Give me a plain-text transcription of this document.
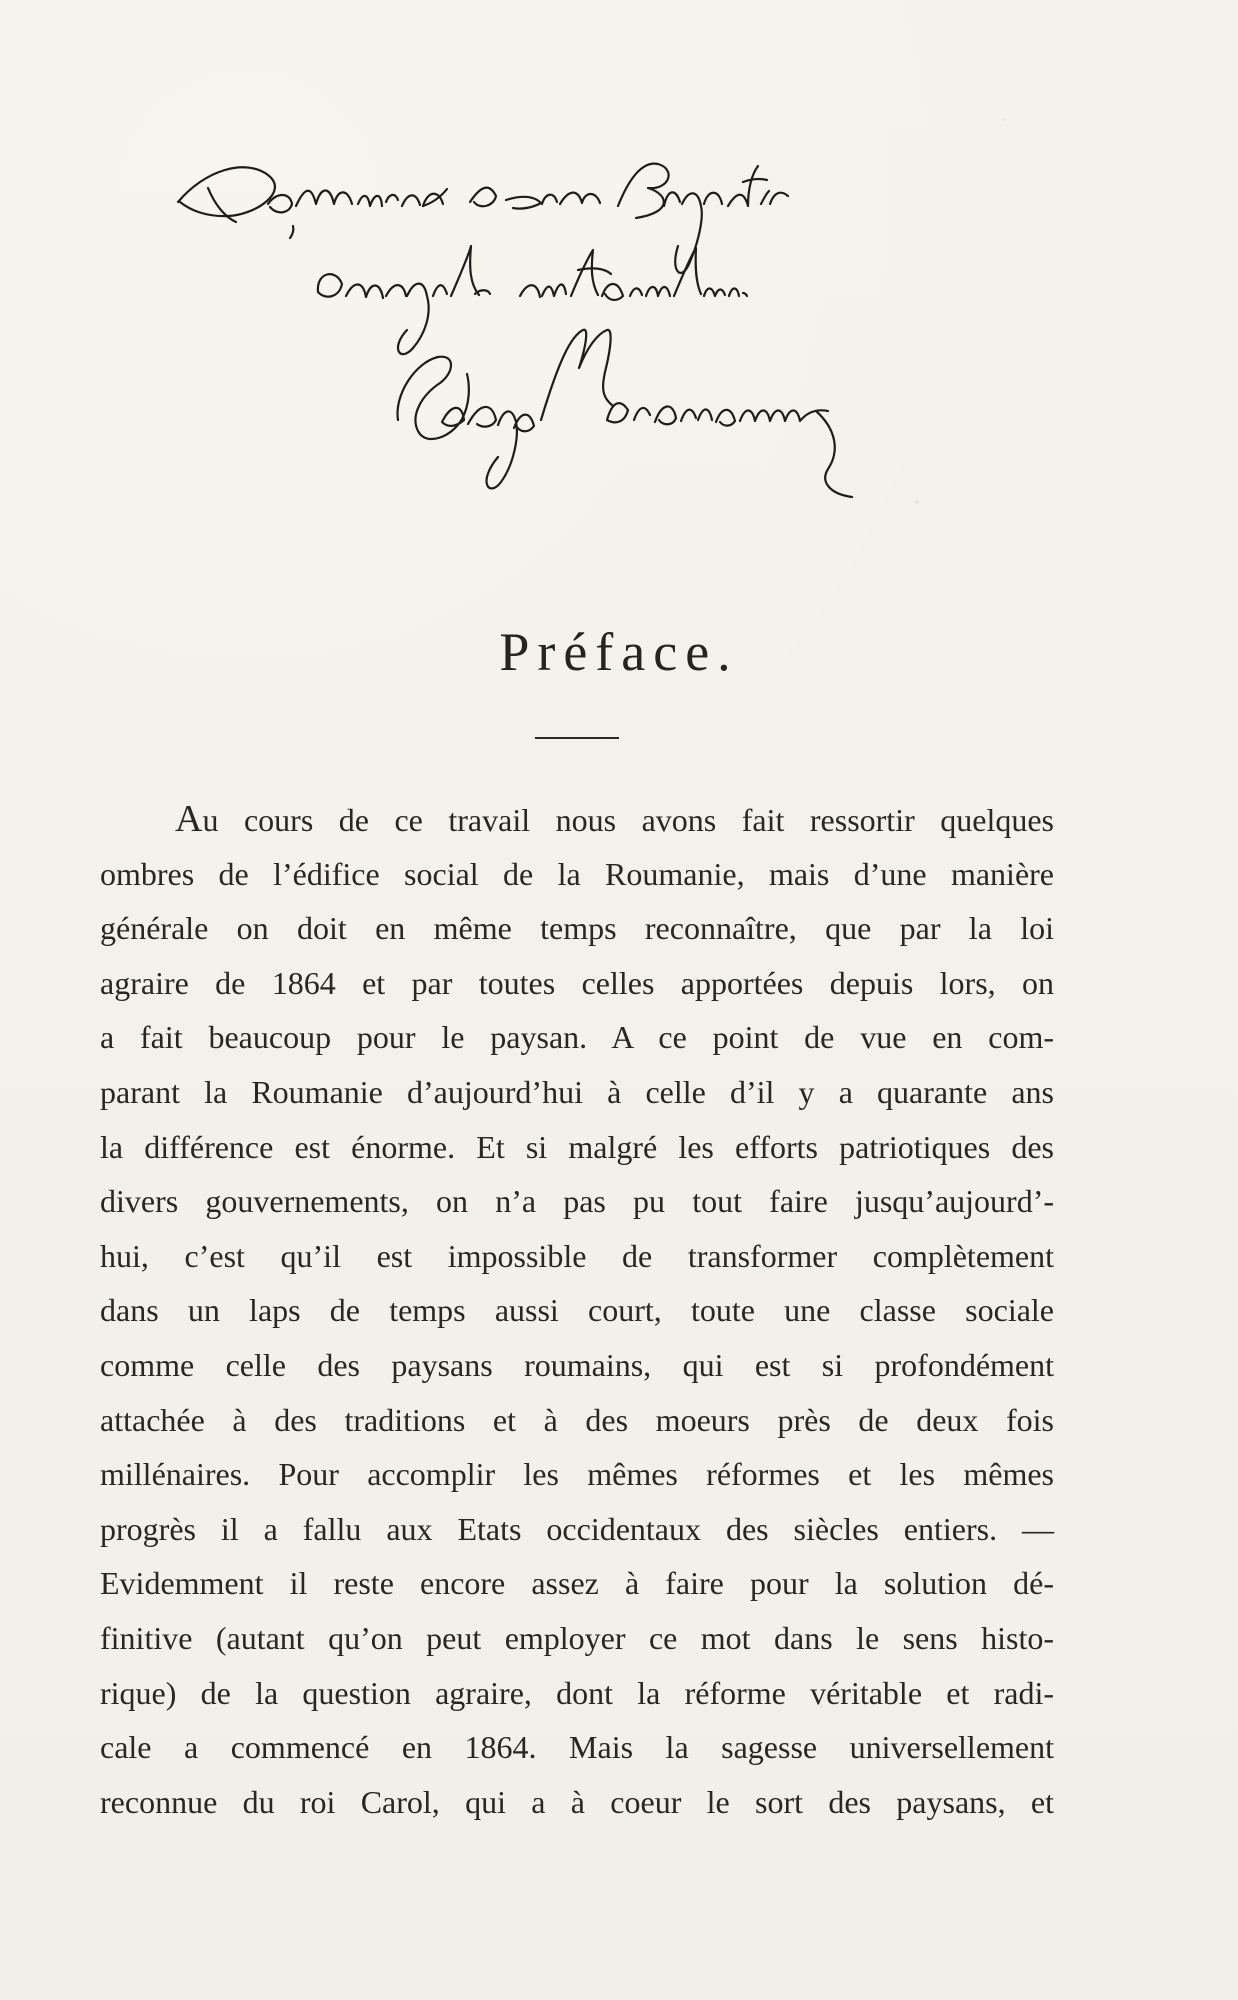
Préface.
Au cours de ce travail nous avons fait ressortir quelques
ombres de l’édifice social de la Roumanie, mais d’une manière
générale on doit en même temps reconnaître, que par la loi
agraire de 1864 et par toutes celles apportées depuis lors, on
a fait beaucoup pour le paysan. A ce point de vue en com-
parant la Roumanie d’aujourd’hui à celle d’il y a quarante ans
la différence est énorme. Et si malgré les efforts patriotiques des
divers gouvernements, on n’a pas pu tout faire jusqu’aujourd’-
hui, c’est qu’il est impossible de transformer complètement
dans un laps de temps aussi court, toute une classe sociale
comme celle des paysans roumains, qui est si profondément
attachée à des traditions et à des moeurs près de deux fois
millénaires. Pour accomplir les mêmes réformes et les mêmes
progrès il a fallu aux Etats occidentaux des siècles entiers. —
Evidemment il reste encore assez à faire pour la solution dé-
finitive (autant qu’on peut employer ce mot dans le sens histo-
rique) de la question agraire, dont la réforme véritable et radi-
cale a commencé en 1864. Mais la sagesse universellement
reconnue du roi Carol, qui a à coeur le sort des paysans, et
